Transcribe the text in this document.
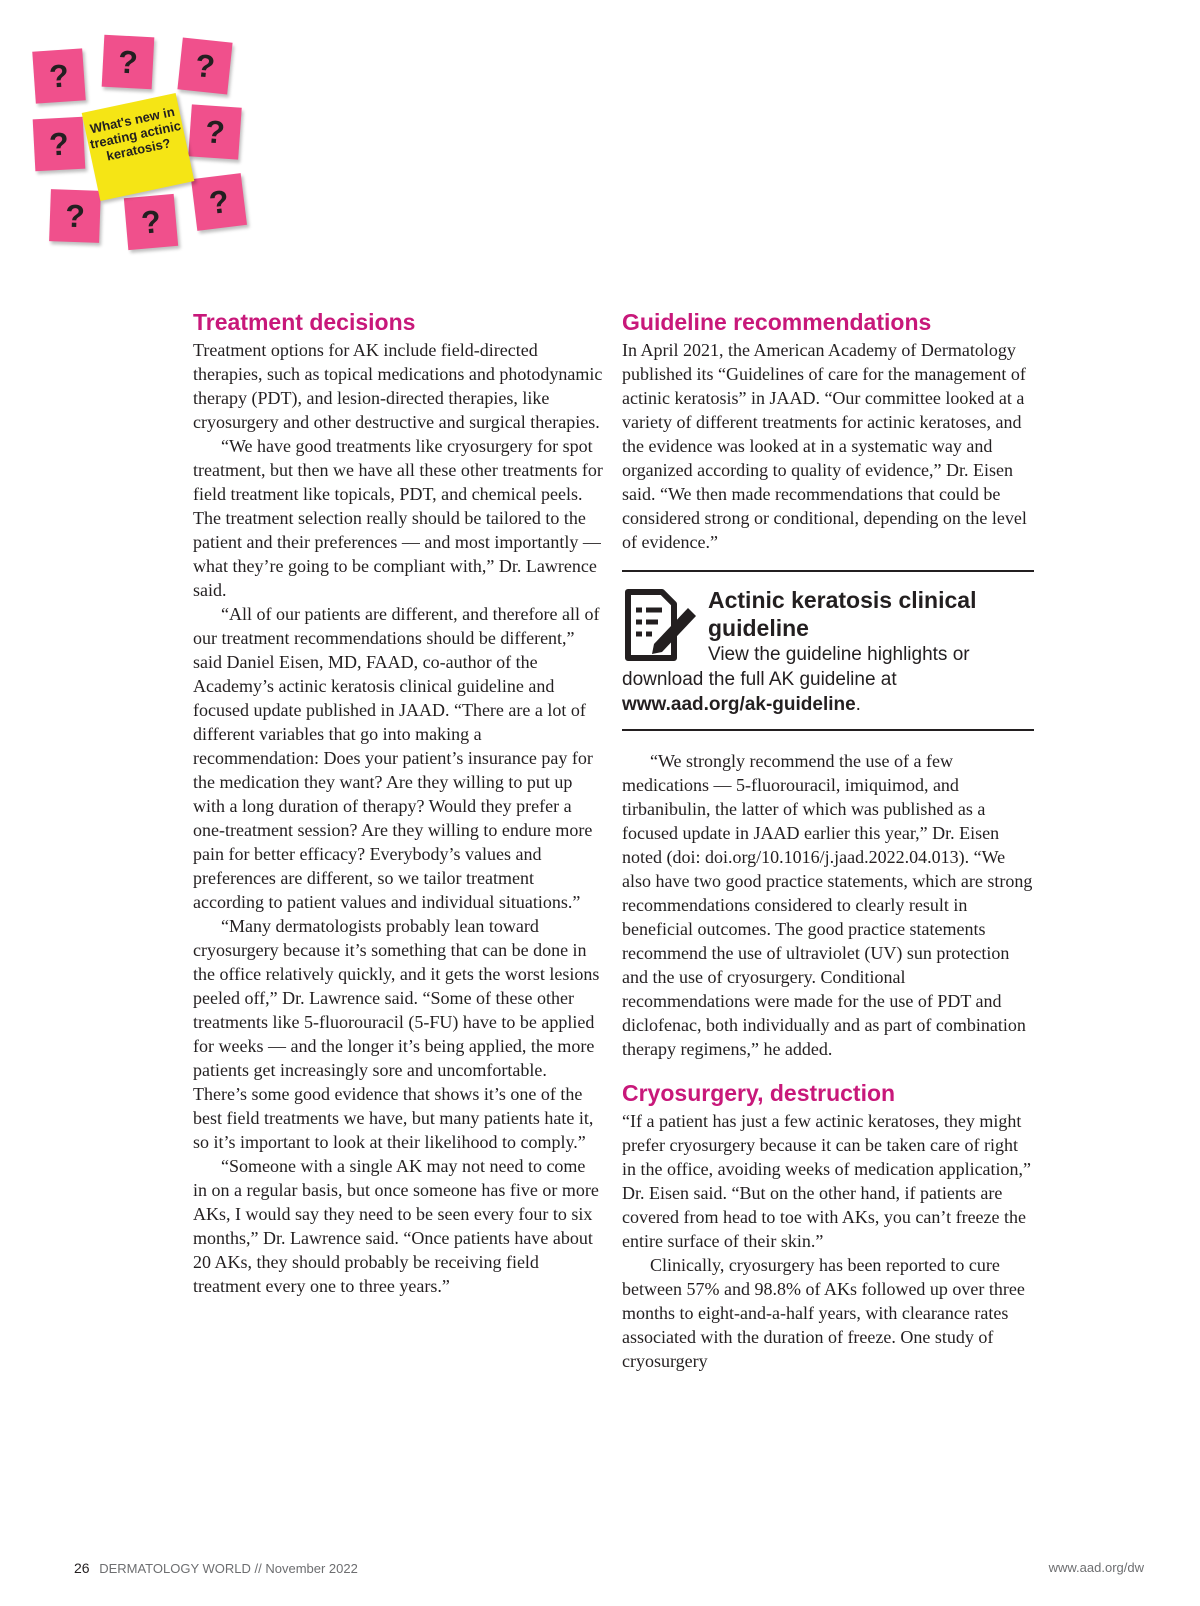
?	?	?
?	?
?	?
?
What's new in treating actinic keratosis?
Treatment decisions

Treatment options for AK include field-directed therapies, such as topical medications and photodynamic therapy (PDT), and lesion-directed therapies, like cryosurgery and other destructive and surgical therapies.

“We have good treatments like cryosurgery for spot treatment, but then we have all these other treatments for field treatment like topicals, PDT, and chemical peels. The treatment selection really should be tailored to the patient and their preferences — and most importantly — what they’re going to be compliant with,” Dr. Lawrence said.

“All of our patients are different, and therefore all of our treatment recommendations should be different,” said Daniel Eisen, MD, FAAD, co-author of the Academy’s actinic keratosis clinical guideline and focused update published in JAAD. “There are a lot of different variables that go into making a recommendation: Does your patient’s insurance pay for the medication they want? Are they willing to put up with a long duration of therapy? Would they prefer a one-treatment session? Are they willing to endure more pain for better efficacy? Everybody’s values and preferences are different, so we tailor treatment according to patient values and individual situations.”

“Many dermatologists probably lean toward cryosurgery because it’s something that can be done in the office relatively quickly, and it gets the worst lesions peeled off,” Dr. Lawrence said. “Some of these other treatments like 5-fluorouracil (5-FU) have to be applied for weeks — and the longer it’s being applied, the more patients get increasingly sore and uncomfortable. There’s some good evidence that shows it’s one of the best field treatments we have, but many patients hate it, so it’s important to look at their likelihood to comply.”

“Someone with a single AK may not need to come in on a regular basis, but once someone has five or more AKs, I would say they need to be seen every four to six months,” Dr. Lawrence said. “Once patients have about 20 AKs, they should probably be receiving field treatment every one to three years.”

Guideline recommendations

In April 2021, the American Academy of Dermatology published its “Guidelines of care for the management of actinic keratosis” in JAAD. “Our committee looked at a variety of different treatments for actinic keratoses, and the evidence was looked at in a systematic way and organized according to quality of evidence,” Dr. Eisen said. “We then made recommendations that could be considered strong or conditional, depending on the level of evidence.”

Actinic keratosis clinical guideline
View the guideline highlights or download the full AK guideline at www.aad.org/ak-guideline.

“We strongly recommend the use of a few medications — 5-fluorouracil, imiquimod, and tirbanibulin, the latter of which was published as a focused update in JAAD earlier this year,” Dr. Eisen noted (doi: doi.org/10.1016/j.jaad.2022.04.013). “We also have two good practice statements, which are strong recommendations considered to clearly result in beneficial outcomes. The good practice statements recommend the use of ultraviolet (UV) sun protection and the use of cryosurgery. Conditional recommendations were made for the use of PDT and diclofenac, both individually and as part of combination therapy regimens,” he added.

Cryosurgery, destruction

“If a patient has just a few actinic keratoses, they might prefer cryosurgery because it can be taken care of right in the office, avoiding weeks of medication application,” Dr. Eisen said. “But on the other hand, if patients are covered from head to toe with AKs, you can’t freeze the entire surface of their skin.”

Clinically, cryosurgery has been reported to cure between 57% and 98.8% of AKs followed up over three months to eight-and-a-half years, with clearance rates associated with the duration of freeze. One study of cryosurgery

26 DERMATOLOGY WORLD // November 2022	www.aad.org/dw
